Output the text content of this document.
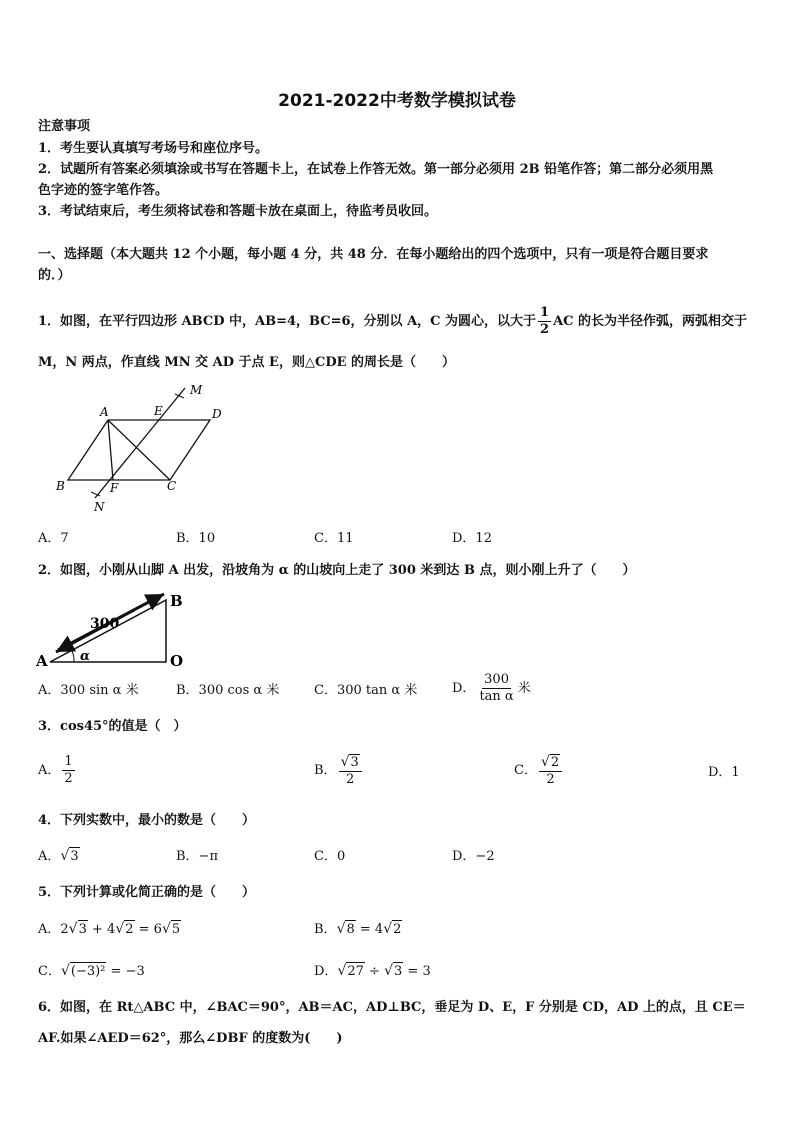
2021-2022中考数学模拟试卷
注意事项
1．考生要认真填写考场号和座位序号。
2．试题所有答案必须填涂或书写在答题卡上，在试卷上作答无效。第一部分必须用 2B 铅笔作答；第二部分必须用黑
色字迹的签字笔作答。
3．考试结束后，考生须将试卷和答题卡放在桌面上，待监考员收回。
一、选择题（本大题共 12 个小题，每小题 4 分，共 48 分．在每小题给出的四个选项中，只有一项是符合题目要求
的．）
1．如图，在平行四边形 ABCD 中，AB=4，BC=6，分别以 A，C 为圆心，以大于 $\frac{1}{2}$ AC 的长为半径作弧，两弧相交于
M，N 两点，作直线 MN 交 AD 于点 E，则△CDE 的周长是（　　）
A	E	D
B	F	C
M
N
A．7	B．10	C．11	D．12
2．如图，小刚从山脚 A 出发，沿坡角为 α 的山坡向上走了 300 米到达 B 点，则小刚上升了（　　）
α
300
A
B
O
A．300 sin α 米	B．300 cos α 米	C．300 tan α 米	D． $\frac{300}{\text{tan α}}$ 米
3．cos45°的值是（　）
A． $\frac{1}{2}$	B． $\frac{√3}{2}$	C． $\frac{√2}{2}$	D．1
4．下列实数中，最小的数是（　　）
A．√3	B．−π	C．0	D．−2
5．下列计算或化简正确的是（　　）
A．2√3 + 4√2 = 6√5	B．√8 = 4√2
C．√(−3)² = −3	D．√27 ÷ √3 = 3
6．如图，在 Rt△ABC 中，∠BAC＝90°，AB＝AC，AD⊥BC，垂足为 D、E，F 分别是 CD，AD 上的点，且 CE＝
AF.如果∠AED＝62°，那么∠DBF 的度数为(　　)
